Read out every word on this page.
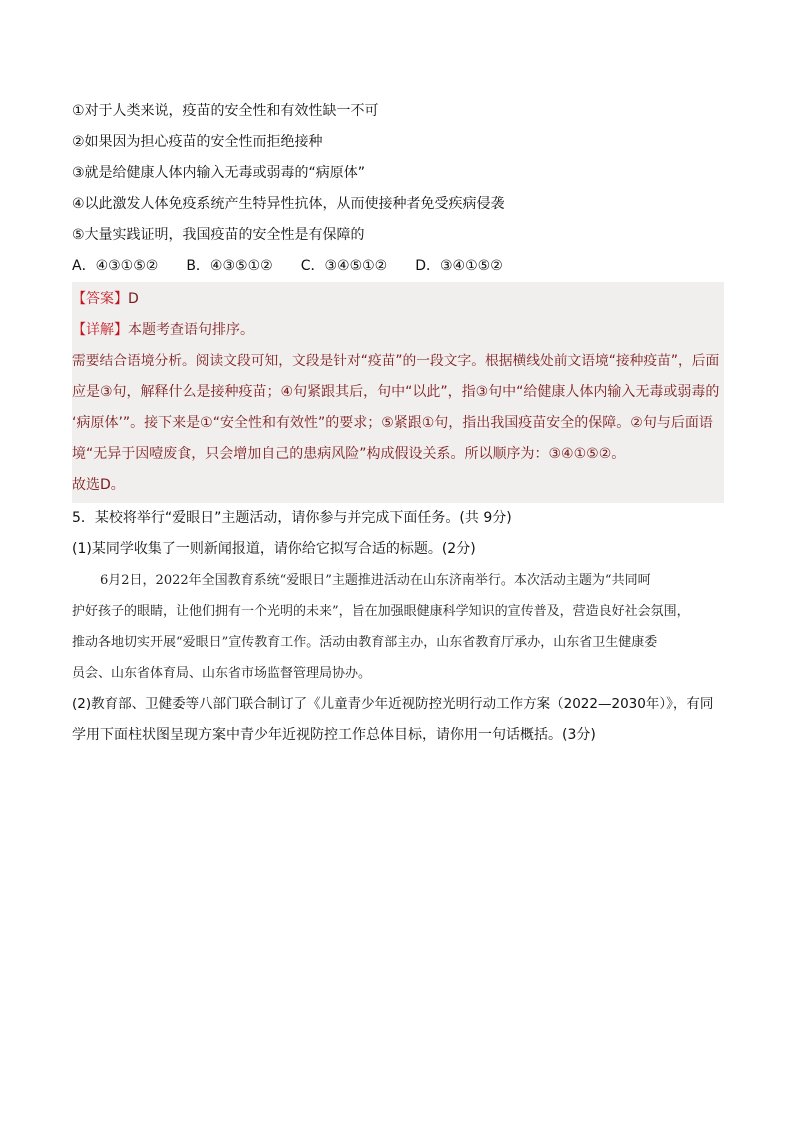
①对于人类来说，疫苗的安全性和有效性缺一不可
②如果因为担心疫苗的安全性而拒绝接种
③就是给健康人体内输入无毒或弱毒的“病原体”
④以此激发人体免疫系统产生特异性抗体，从而使接种者免受疾病侵袭
⑤大量实践证明，我国疫苗的安全性是有保障的
A．④③①⑤②　　B．④③⑤①②　　C．③④⑤①②　　D．③④①⑤②
【答案】D
【详解】本题考查语句排序。
需要结合语境分析。阅读文段可知，文段是针对“疫苗”的一段文字。根据横线处前文语境“接种疫苗”，后面
应是③句，解释什么是接种疫苗；④句紧跟其后，句中“以此”，指③句中“给健康人体内输入无毒或弱毒的
‘病原体’”。接下来是①“安全性和有效性”的要求；⑤紧跟①句，指出我国疫苗安全的保障。②句与后面语
境“无异于因噎废食，只会增加自己的患病风险”构成假设关系。所以顺序为：③④①⑤②。
故选D。
5．某校将举行“爱眼日”主题活动，请你参与并完成下面任务。(共 9分)
(1)某同学收集了一则新闻报道，请你给它拟写合适的标题。(2分)
6月2日，2022年全国教育系统“爱眼日”主题推进活动在山东济南举行。本次活动主题为“共同呵
护好孩子的眼睛，让他们拥有一个光明的未来”，旨在加强眼健康科学知识的宣传普及，营造良好社会氛围，
推动各地切实开展“爱眼日”宣传教育工作。活动由教育部主办，山东省教育厅承办，山东省卫生健康委
员会、山东省体育局、山东省市场监督管理局协办。
(2)教育部、卫健委等八部门联合制订了《儿童青少年近视防控光明行动工作方案（2022—2030年）》，有同
学用下面柱状图呈现方案中青少年近视防控工作总体目标，请你用一句话概括。(3分)
